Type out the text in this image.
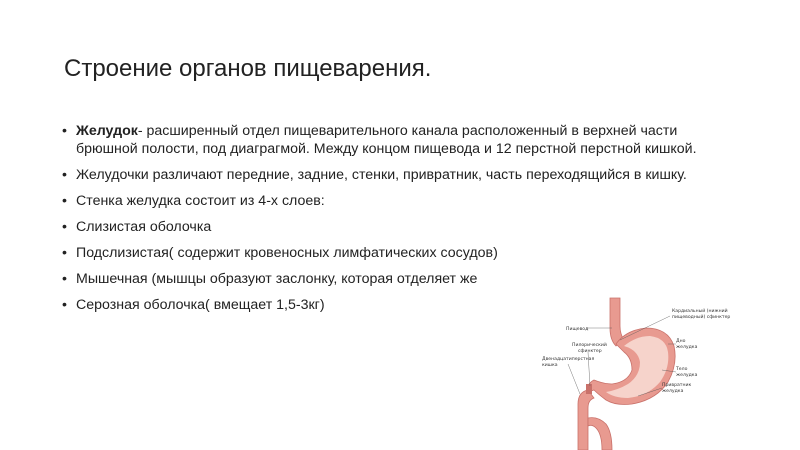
Строение органов пищеварения.
• Желудок- расширенный отдел пищеварительного канала расположенный в верхней части брюшной полости, под диаграгмой. Между концом пищевода и 12 перстной перстной кишкой.
• Желудочки различают передние, задние, стенки, привратник, часть переходящийся в кишку.
• Стенка желудка состоит из 4-х слоев:
• Слизистая оболочка
• Подслизистая( содержит кровеносных лимфатических сосудов)
• Мышечная (мышцы образуют заслонку, которая отделяет же
• Серозная оболочка( вмещает 1,5-3кг)	Кардиальный (нижний
пищеводный) сфинктер
Пищевод
Дно
желудка
Пилорический
сфинктер
Двенадцатиперстная
кишка
Тело
желудка
Привратник
желудка
